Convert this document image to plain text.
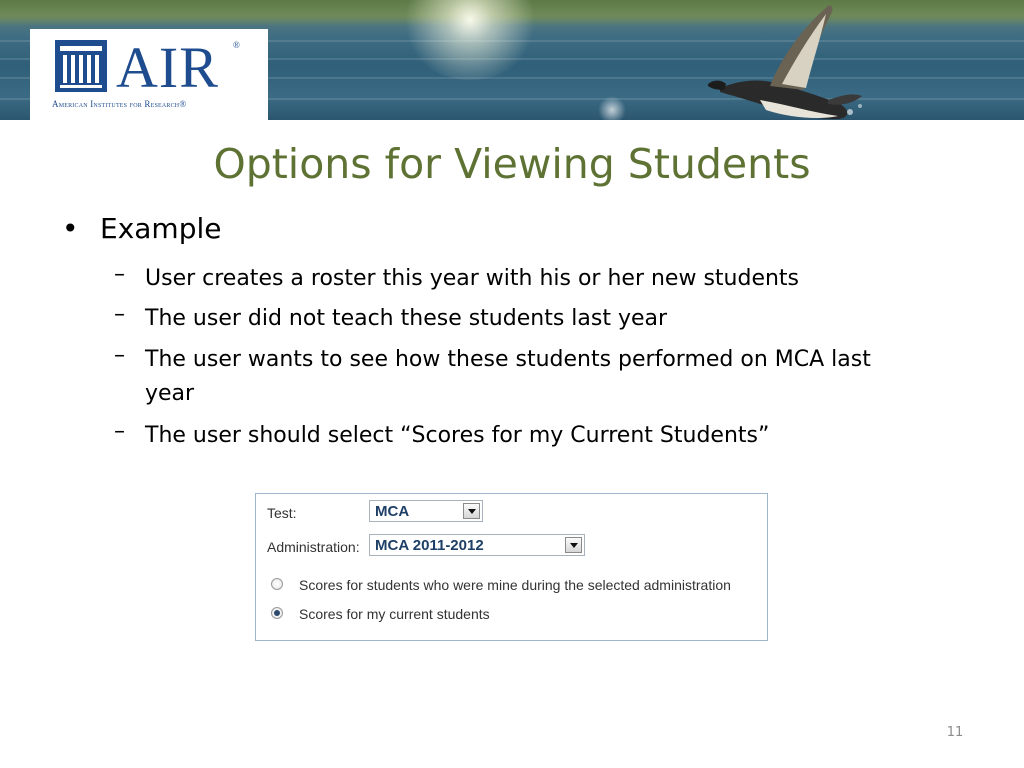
AIR ®
American Institutes for Research®
Options for Viewing Students
• Example
– User creates a roster this year with his or her new students
– The user did not teach these students last year
– The user wants to see how these students performed on MCA last year
– The user should select “Scores for my Current Students”
Test:	MCA
Administration: MCA 2011-2012
Scores for students who were mine during the selected administration
Scores for my current students
11
